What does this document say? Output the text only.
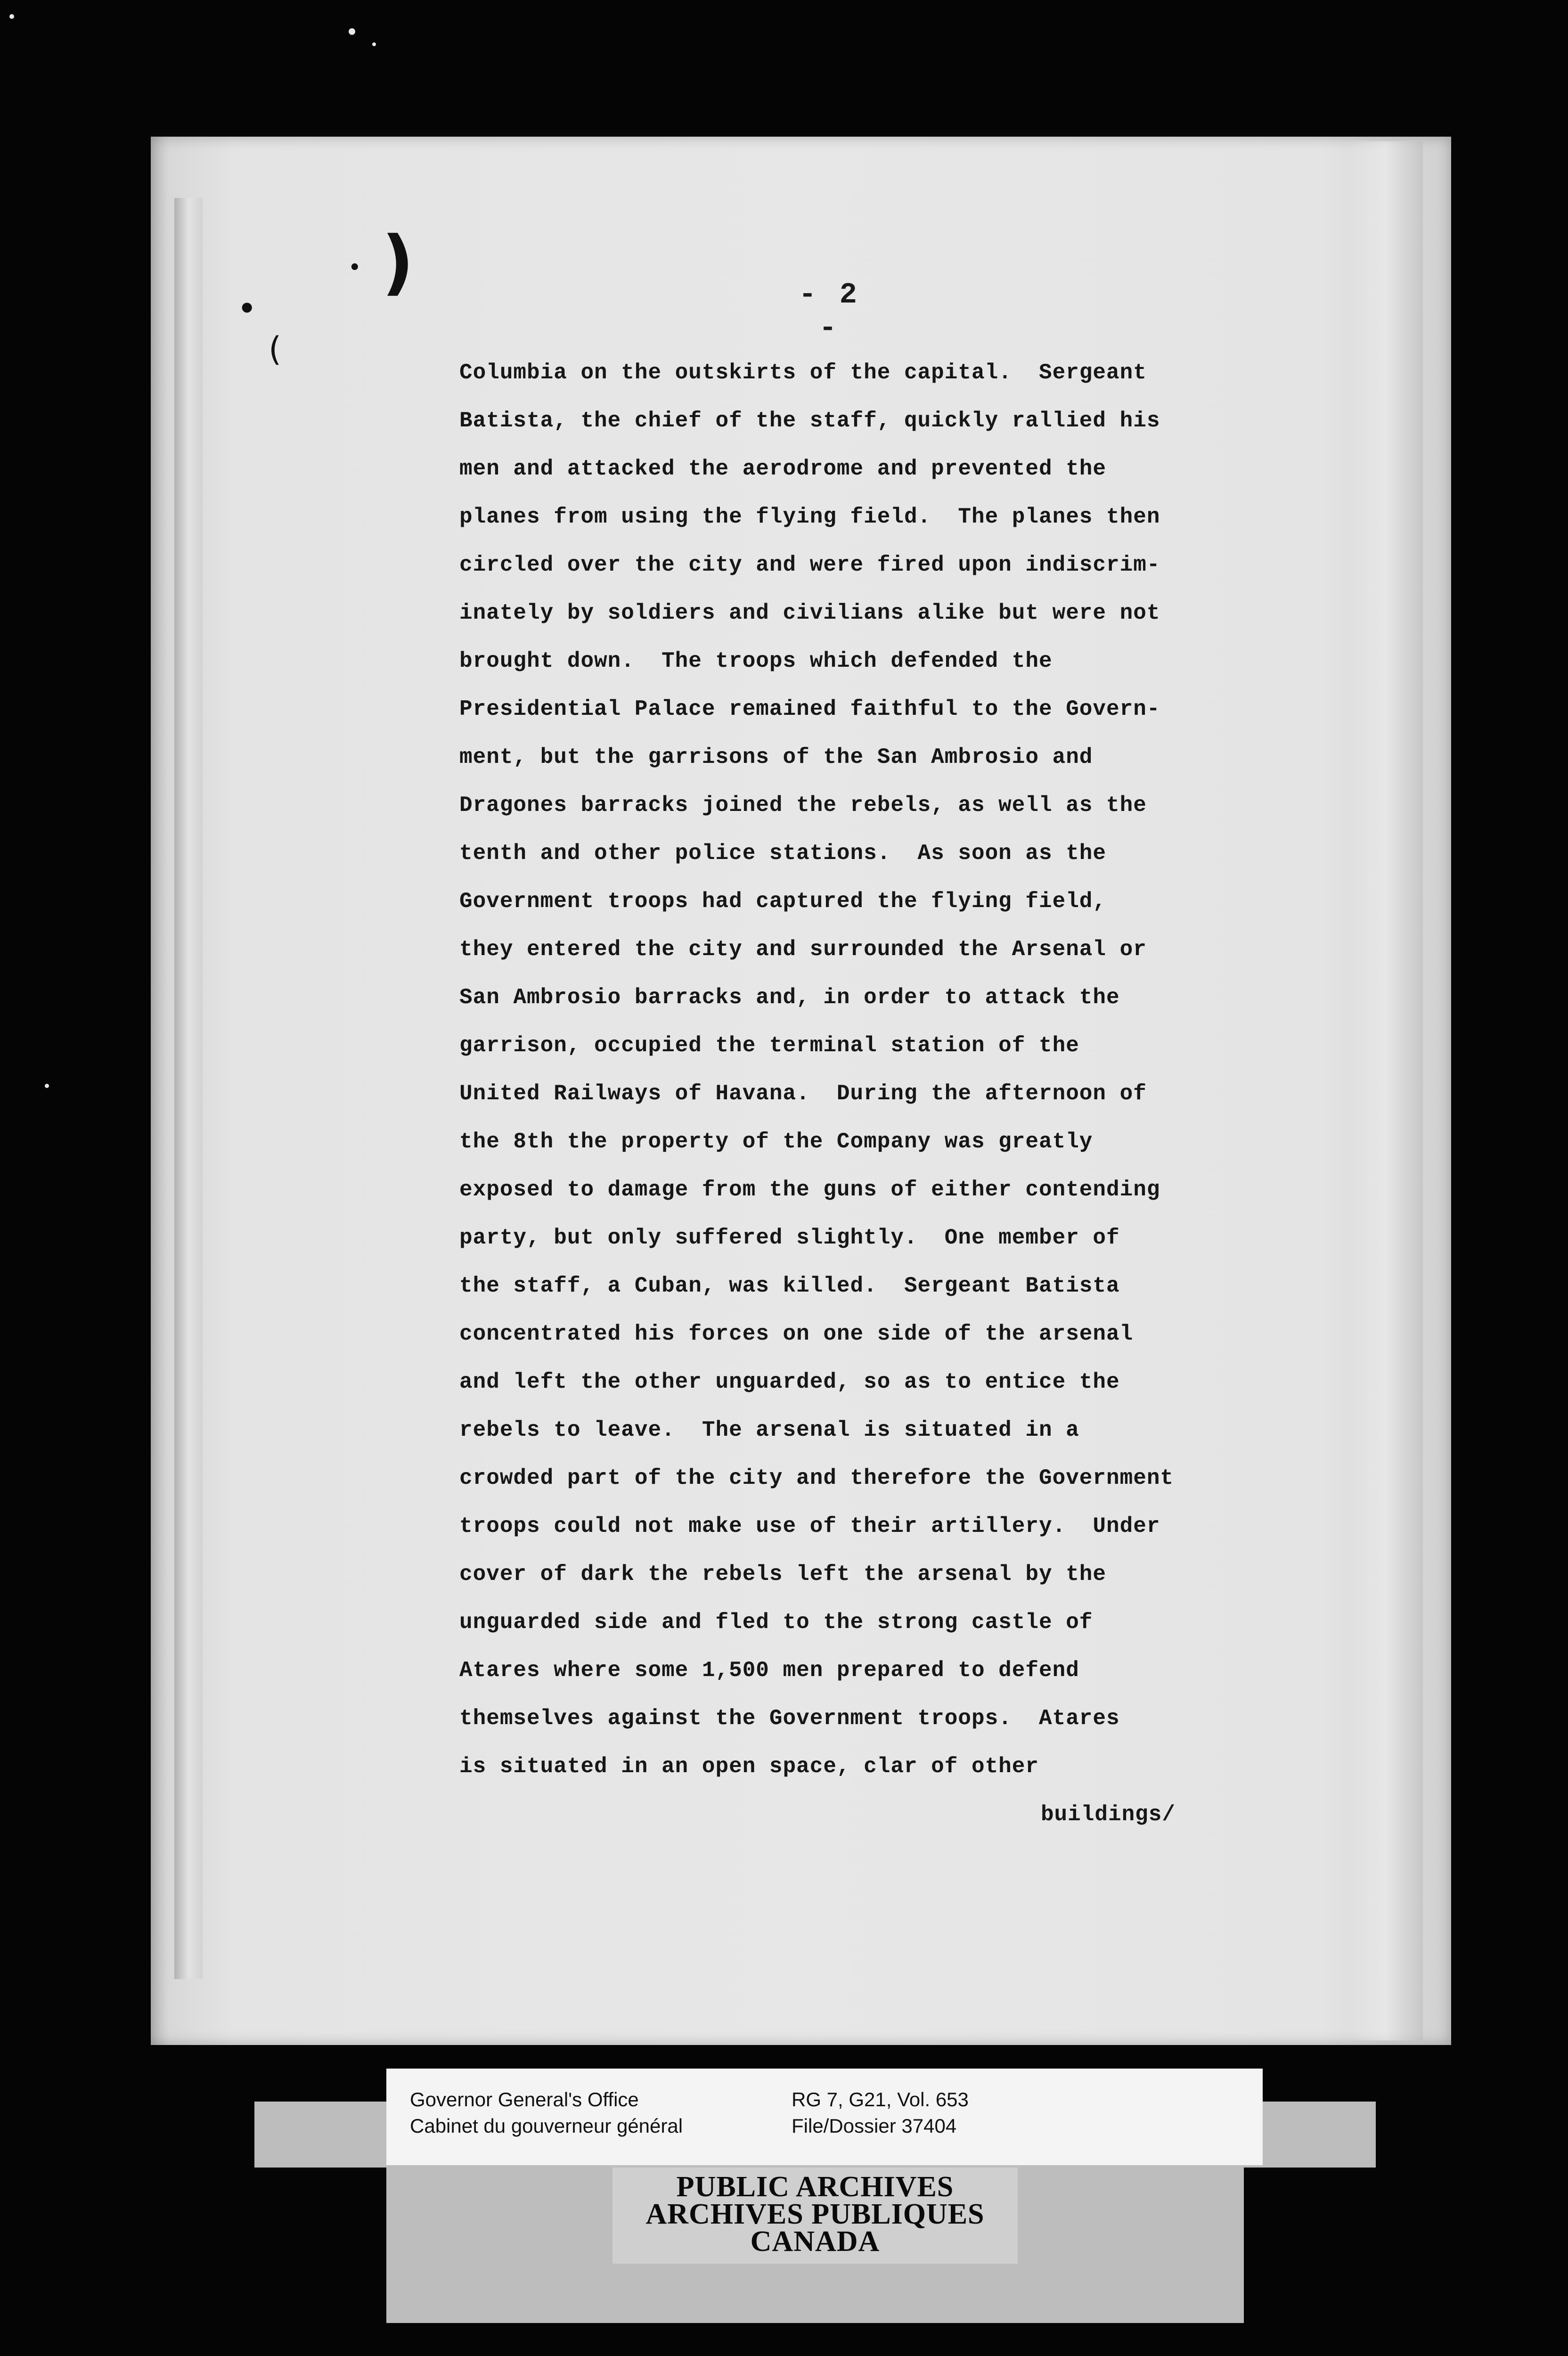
)
•
•
(
- 2 -
Columbia on the outskirts of the capital.  Sergeant
Batista, the chief of the staff, quickly rallied his
men and attacked the aerodrome and prevented the
planes from using the flying field.  The planes then
circled over the city and were fired upon indiscrim-
inately by soldiers and civilians alike but were not
brought down.  The troops which defended the
Presidential Palace remained faithful to the Govern-
ment, but the garrisons of the San Ambrosio and
Dragones barracks joined the rebels, as well as the
tenth and other police stations.  As soon as the
Government troops had captured the flying field,
they entered the city and surrounded the Arsenal or
San Ambrosio barracks and, in order to attack the
garrison, occupied the terminal station of the
United Railways of Havana.  During the afternoon of
the 8th the property of the Company was greatly
exposed to damage from the guns of either contending
party, but only suffered slightly.  One member of
the staff, a Cuban, was killed.  Sergeant Batista
concentrated his forces on one side of the arsenal
and left the other unguarded, so as to entice the
rebels to leave.  The arsenal is situated in a
crowded part of the city and therefore the Government
troops could not make use of their artillery.  Under
cover of dark the rebels left the arsenal by the
unguarded side and fled to the strong castle of
Atares where some 1,500 men prepared to defend
themselves against the Government troops.  Atares
is situated in an open space, clar of other
buildings/
Governor General's Office
Cabinet du gouverneur général
RG 7, G21, Vol. 653
File/Dossier 37404
PUBLIC ARCHIVES
ARCHIVES PUBLIQUES
CANADA
